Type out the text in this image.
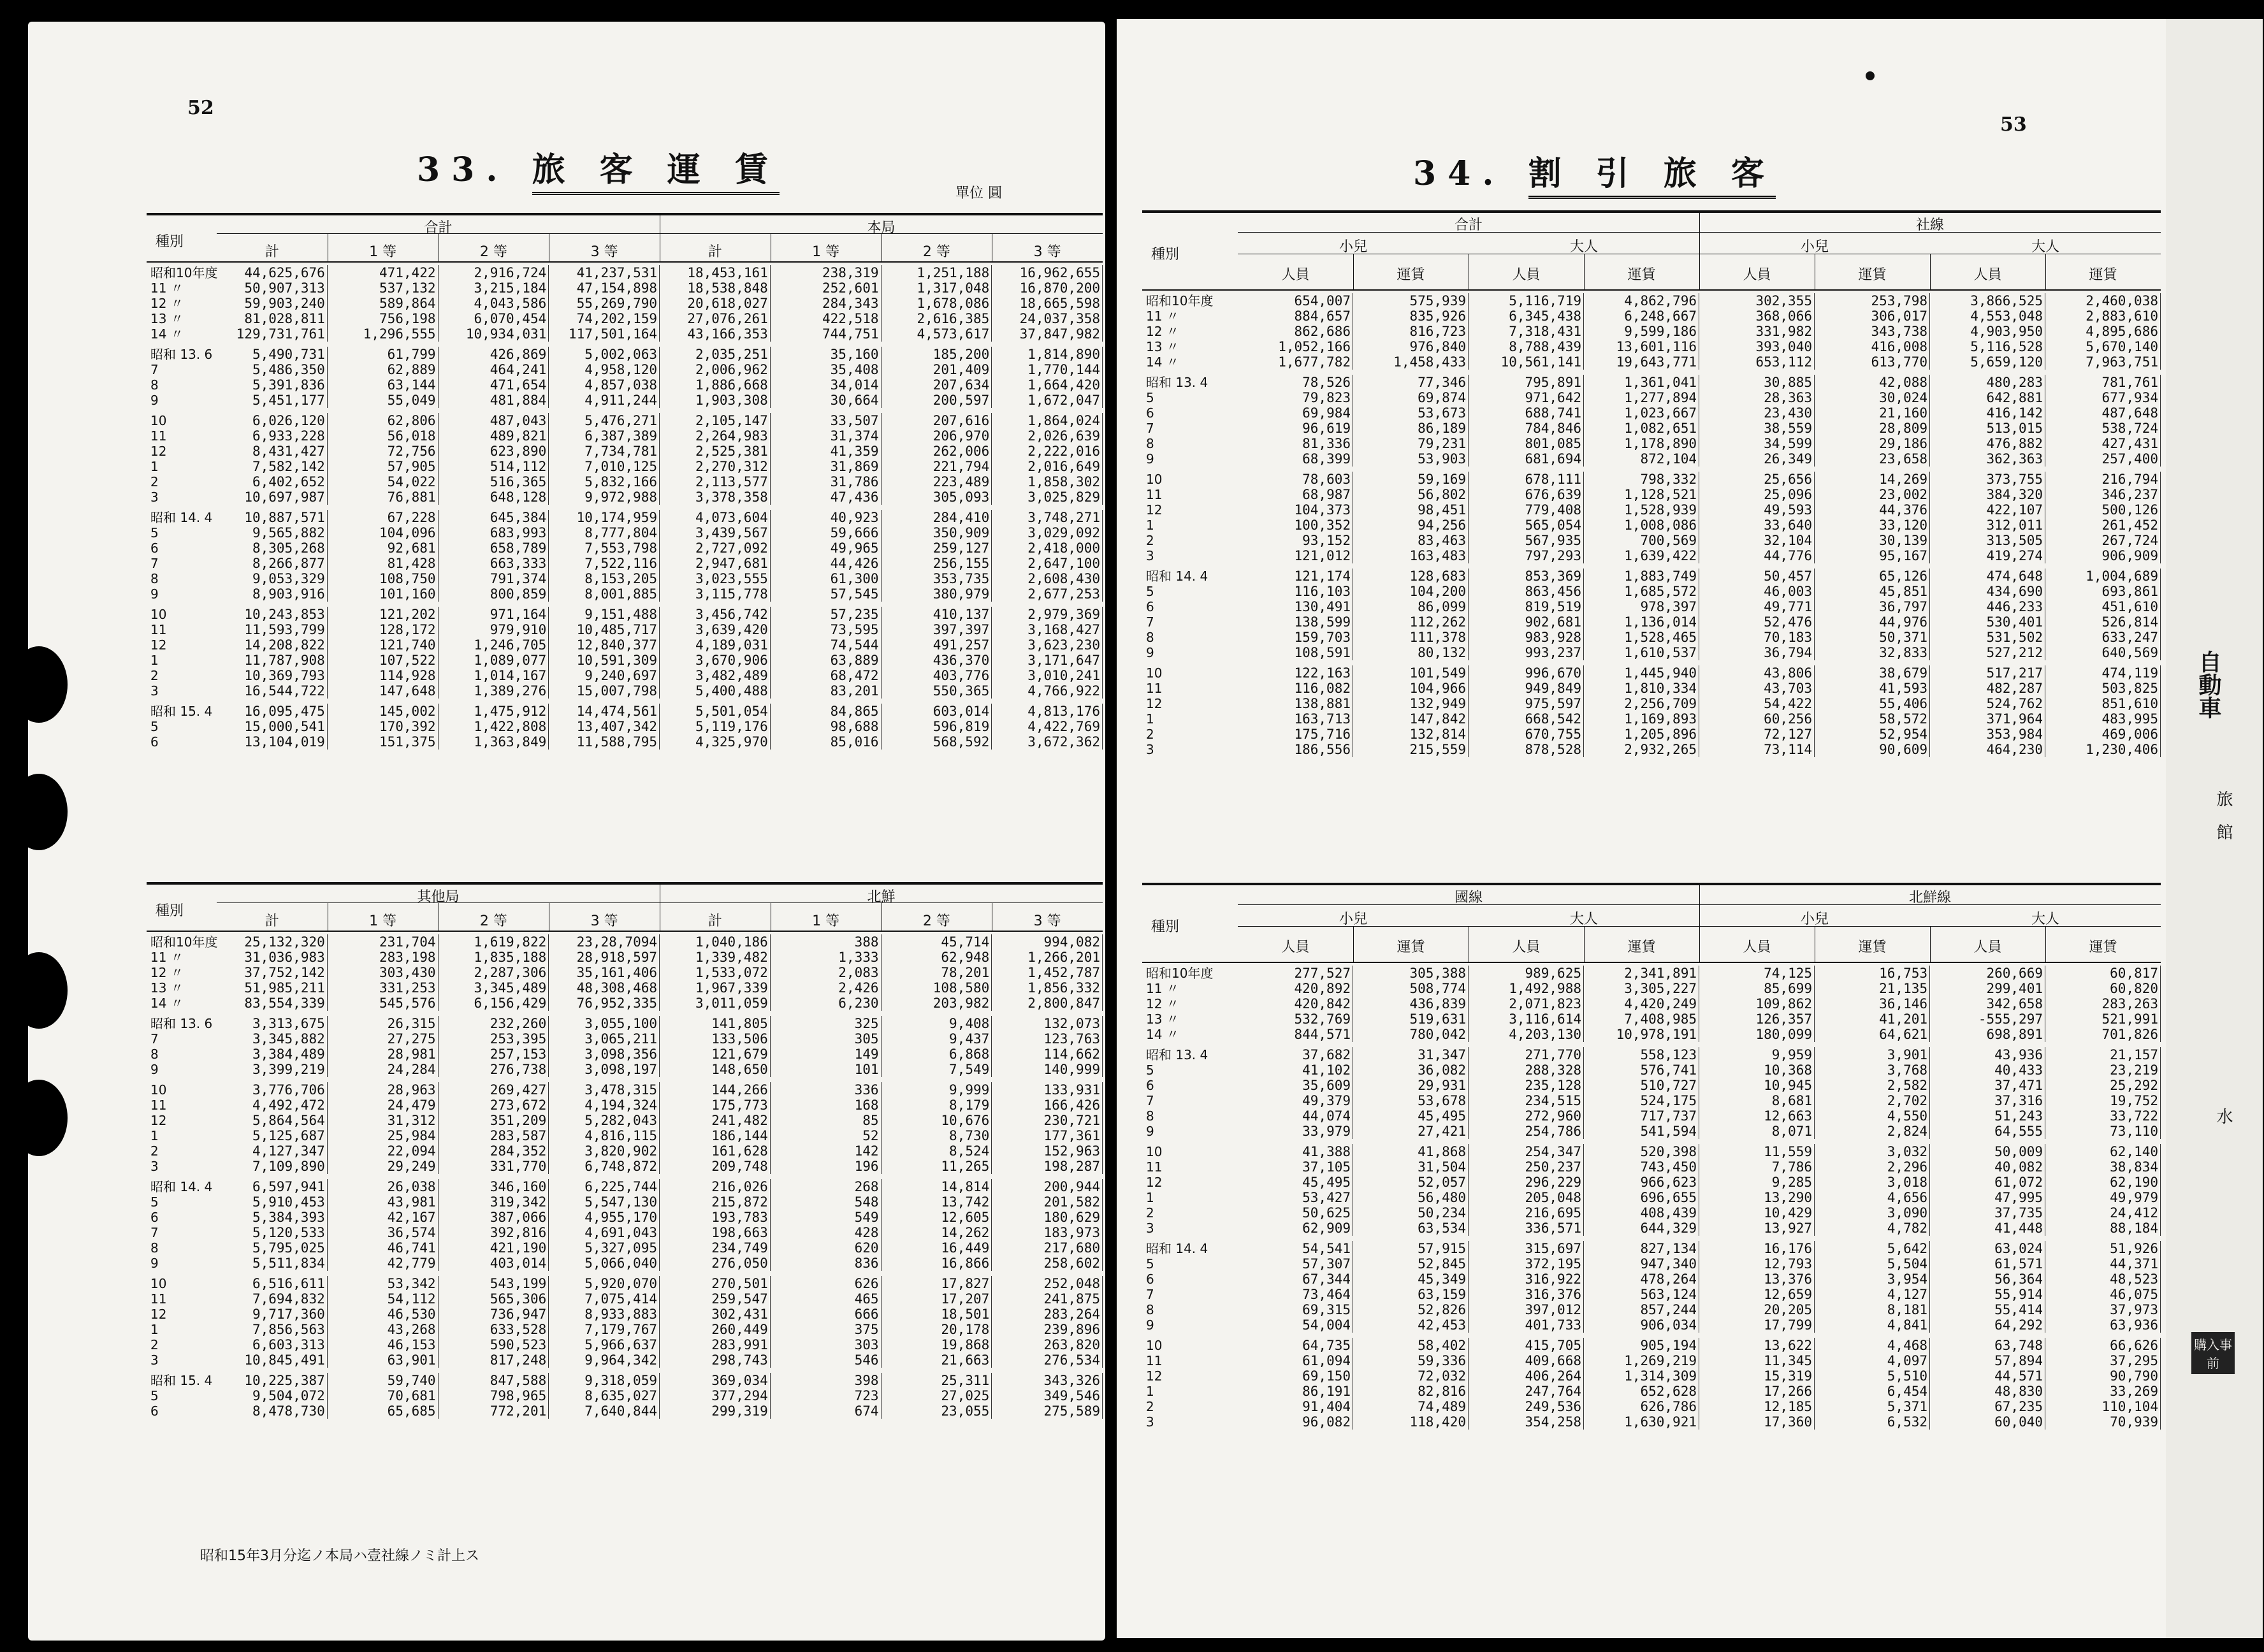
52
33. 旅 客 運 賃
單位 圓
種別
合計	本局
計	1 等	2 等	3 等	計	1 等	2 等	3 等
昭和10年度	44,625,676	471,422	2,916,724	41,237,531	18,453,161	238,319	1,251,188	16,962,655
11 〃	50,907,313	537,132	3,215,184	47,154,898	18,538,848	252,601	1,317,048	16,870,200
12 〃	59,903,240	589,864	4,043,586	55,269,790	20,618,027	284,343	1,678,086	18,665,598
13 〃	81,028,811	756,198	6,070,454	74,202,159	27,076,261	422,518	2,616,385	24,037,358
14 〃	129,731,761	1,296,555	10,934,031	117,501,164	43,166,353	744,751	4,573,617	37,847,982
昭和 13. 6	5,490,731	61,799	426,869	5,002,063	2,035,251	35,160	185,200	1,814,890
7	5,486,350	62,889	464,241	4,958,120	2,006,962	35,408	201,409	1,770,144
8	5,391,836	63,144	471,654	4,857,038	1,886,668	34,014	207,634	1,664,420
9	5,451,177	55,049	481,884	4,911,244	1,903,308	30,664	200,597	1,672,047
10	6,026,120	62,806	487,043	5,476,271	2,105,147	33,507	207,616	1,864,024
11	6,933,228	56,018	489,821	6,387,389	2,264,983	31,374	206,970	2,026,639
12	8,431,427	72,756	623,890	7,734,781	2,525,381	41,359	262,006	2,222,016
1	7,582,142	57,905	514,112	7,010,125	2,270,312	31,869	221,794	2,016,649
2	6,402,652	54,022	516,365	5,832,166	2,113,577	31,786	223,489	1,858,302
3	10,697,987	76,881	648,128	9,972,988	3,378,358	47,436	305,093	3,025,829
昭和 14. 4	10,887,571	67,228	645,384	10,174,959	4,073,604	40,923	284,410	3,748,271
5	9,565,882	104,096	683,993	8,777,804	3,439,567	59,666	350,909	3,029,092
6	8,305,268	92,681	658,789	7,553,798	2,727,092	49,965	259,127	2,418,000
7	8,266,877	81,428	663,333	7,522,116	2,947,681	44,426	256,155	2,647,100
8	9,053,329	108,750	791,374	8,153,205	3,023,555	61,300	353,735	2,608,430
9	8,903,916	101,160	800,859	8,001,885	3,115,778	57,545	380,979	2,677,253
10	10,243,853	121,202	971,164	9,151,488	3,456,742	57,235	410,137	2,979,369
11	11,593,799	128,172	979,910	10,485,717	3,639,420	73,595	397,397	3,168,427
12	14,208,822	121,740	1,246,705	12,840,377	4,189,031	74,544	491,257	3,623,230
1	11,787,908	107,522	1,089,077	10,591,309	3,670,906	63,889	436,370	3,171,647
2	10,369,793	114,928	1,014,167	9,240,697	3,482,489	68,472	403,776	3,010,241
3	16,544,722	147,648	1,389,276	15,007,798	5,400,488	83,201	550,365	4,766,922
昭和 15. 4	16,095,475	145,002	1,475,912	14,474,561	5,501,054	84,865	603,014	4,813,176
5	15,000,541	170,392	1,422,808	13,407,342	5,119,176	98,688	596,819	4,422,769
6	13,104,019	151,375	1,363,849	11,588,795	4,325,970	85,016	568,592	3,672,362
種別
其他局	北鮮
計	1 等	2 等	3 等	計	1 等	2 等	3 等
昭和10年度	25,132,320	231,704	1,619,822	23,28,7094	1,040,186	388	45,714	994,082
11 〃	31,036,983	283,198	1,835,188	28,918,597	1,339,482	1,333	62,948	1,266,201
12 〃	37,752,142	303,430	2,287,306	35,161,406	1,533,072	2,083	78,201	1,452,787
13 〃	51,985,211	331,253	3,345,489	48,308,468	1,967,339	2,426	108,580	1,856,332
14 〃	83,554,339	545,576	6,156,429	76,952,335	3,011,059	6,230	203,982	2,800,847
昭和 13. 6	3,313,675	26,315	232,260	3,055,100	141,805	325	9,408	132,073
7	3,345,882	27,275	253,395	3,065,211	133,506	305	9,437	123,763
8	3,384,489	28,981	257,153	3,098,356	121,679	149	6,868	114,662
9	3,399,219	24,284	276,738	3,098,197	148,650	101	7,549	140,999
10	3,776,706	28,963	269,427	3,478,315	144,266	336	9,999	133,931
11	4,492,472	24,479	273,672	4,194,324	175,773	168	8,179	166,426
12	5,864,564	31,312	351,209	5,282,043	241,482	85	10,676	230,721
1	5,125,687	25,984	283,587	4,816,115	186,144	52	8,730	177,361
2	4,127,347	22,094	284,352	3,820,902	161,628	142	8,524	152,963
3	7,109,890	29,249	331,770	6,748,872	209,748	196	11,265	198,287
昭和 14. 4	6,597,941	26,038	346,160	6,225,744	216,026	268	14,814	200,944
5	5,910,453	43,981	319,342	5,547,130	215,872	548	13,742	201,582
6	5,384,393	42,167	387,066	4,955,170	193,783	549	12,605	180,629
7	5,120,533	36,574	392,816	4,691,043	198,663	428	14,262	183,973
8	5,795,025	46,741	421,190	5,327,095	234,749	620	16,449	217,680
9	5,511,834	42,779	403,014	5,066,040	276,050	836	16,866	258,602
10	6,516,611	53,342	543,199	5,920,070	270,501	626	17,827	252,048
11	7,694,832	54,112	565,306	7,075,414	259,547	465	17,207	241,875
12	9,717,360	46,530	736,947	8,933,883	302,431	666	18,501	283,264
1	7,856,563	43,268	633,528	7,179,767	260,449	375	20,178	239,896
2	6,603,313	46,153	590,523	5,966,637	283,991	303	19,868	263,820
3	10,845,491	63,901	817,248	9,964,342	298,743	546	21,663	276,534
昭和 15. 4	10,225,387	59,740	847,588	9,318,059	369,034	398	25,311	343,326
5	9,504,072	70,681	798,965	8,635,027	377,294	723	27,025	349,546
6	8,478,730	65,685	772,201	7,640,844	299,319	674	23,055	275,589
昭和15年3月分迄ノ本局ハ壹社線ノミ計上ス
53
34. 割 引 旅 客
種別
合計	社線
小兒	大人	小兒	大人
人員	運賃	人員	運賃	人員	運賃	人員	運賃
昭和10年度	654,007	575,939	5,116,719	4,862,796	302,355	253,798	3,866,525	2,460,038
11 〃	884,657	835,926	6,345,438	6,248,667	368,066	306,017	4,553,048	2,883,610
12 〃	862,686	816,723	7,318,431	9,599,186	331,982	343,738	4,903,950	4,895,686
13 〃	1,052,166	976,840	8,788,439	13,601,116	393,040	416,008	5,116,528	5,670,140
14 〃	1,677,782	1,458,433	10,561,141	19,643,771	653,112	613,770	5,659,120	7,963,751
昭和 13. 4	78,526	77,346	795,891	1,361,041	30,885	42,088	480,283	781,761
5	79,823	69,874	971,642	1,277,894	28,363	30,024	642,881	677,934
6	69,984	53,673	688,741	1,023,667	23,430	21,160	416,142	487,648
7	96,619	86,189	784,846	1,082,651	38,559	28,809	513,015	538,724
8	81,336	79,231	801,085	1,178,890	34,599	29,186	476,882	427,431
9	68,399	53,903	681,694	872,104	26,349	23,658	362,363	257,400
10	78,603	59,169	678,111	798,332	25,656	14,269	373,755	216,794
11	68,987	56,802	676,639	1,128,521	25,096	23,002	384,320	346,237
12	104,373	98,451	779,408	1,528,939	49,593	44,376	422,107	500,126
1	100,352	94,256	565,054	1,008,086	33,640	33,120	312,011	261,452
2	93,152	83,463	567,935	700,569	32,104	30,139	313,505	267,724
3	121,012	163,483	797,293	1,639,422	44,776	95,167	419,274	906,909
昭和 14. 4	121,174	128,683	853,369	1,883,749	50,457	65,126	474,648	1,004,689
5	116,103	104,200	863,456	1,685,572	46,003	45,851	434,690	693,861
6	130,491	86,099	819,519	978,397	49,771	36,797	446,233	451,610
7	138,599	112,262	902,681	1,136,014	52,476	44,976	530,401	526,814
8	159,703	111,378	983,928	1,528,465	70,183	50,371	531,502	633,247
9	108,591	80,132	993,237	1,610,537	36,794	32,833	527,212	640,569
10	122,163	101,549	996,670	1,445,940	43,806	38,679	517,217	474,119
11	116,082	104,966	949,849	1,810,334	43,703	41,593	482,287	503,825
12	138,881	132,949	975,597	2,256,709	54,422	55,406	524,762	851,610
1	163,713	147,842	668,542	1,169,893	60,256	58,572	371,964	483,995
2	175,716	132,814	670,755	1,205,896	72,127	52,954	353,984	469,006
3	186,556	215,559	878,528	2,932,265	73,114	90,609	464,230	1,230,406
種別
國線	北鮮線
小兒	大人	小兒	大人
人員	運賃	人員	運賃	人員	運賃	人員	運賃
昭和10年度	277,527	305,388	989,625	2,341,891	74,125	16,753	260,669	60,817
11 〃	420,892	508,774	1,492,988	3,305,227	85,699	21,135	299,401	60,820
12 〃	420,842	436,839	2,071,823	4,420,249	109,862	36,146	342,658	283,263
13 〃	532,769	519,631	3,116,614	7,408,985	126,357	41,201	-555,297	521,991
14 〃	844,571	780,042	4,203,130	10,978,191	180,099	64,621	698,891	701,826
昭和 13. 4	37,682	31,347	271,770	558,123	9,959	3,901	43,936	21,157
5	41,102	36,082	288,328	576,741	10,368	3,768	40,433	23,219
6	35,609	29,931	235,128	510,727	10,945	2,582	37,471	25,292
7	49,379	53,678	234,515	524,175	8,681	2,702	37,316	19,752
8	44,074	45,495	272,960	717,737	12,663	4,550	51,243	33,722
9	33,979	27,421	254,786	541,594	8,071	2,824	64,555	73,110
10	41,388	41,868	254,347	520,398	11,559	3,032	50,009	62,140
11	37,105	31,504	250,237	743,450	7,786	2,296	40,082	38,834
12	45,495	52,057	296,229	966,623	9,285	3,018	61,072	62,190
1	53,427	56,480	205,048	696,655	13,290	4,656	47,995	49,979
2	50,625	50,234	216,695	408,439	10,429	3,090	37,735	24,412
3	62,909	63,534	336,571	644,329	13,927	4,782	41,448	88,184
昭和 14. 4	54,541	57,915	315,697	827,134	16,176	5,642	63,024	51,926
5	57,307	52,845	372,195	947,340	12,793	5,504	61,571	44,371
6	67,344	45,349	316,922	478,264	13,376	3,954	56,364	48,523
7	73,464	63,159	316,376	563,124	12,659	4,127	55,914	46,075
8	69,315	52,826	397,012	857,244	20,205	8,181	55,414	37,973
9	54,004	42,453	401,733	906,034	17,799	4,841	64,292	63,936
10	64,735	58,402	415,705	905,194	13,622	4,468	63,748	66,626
11	61,094	59,336	409,668	1,269,219	11,345	4,097	57,894	37,295
12	69,150	72,032	406,264	1,314,309	15,319	5,510	44,571	90,790
1	86,191	82,816	247,764	652,628	17,266	6,454	48,830	33,269
2	91,404	74,489	249,536	626,786	12,185	5,371	67,235	110,104
3	96,082	118,420	354,258	1,630,921	17,360	6,532	60,040	70,939
自動車
旅
館
水
購入事前
